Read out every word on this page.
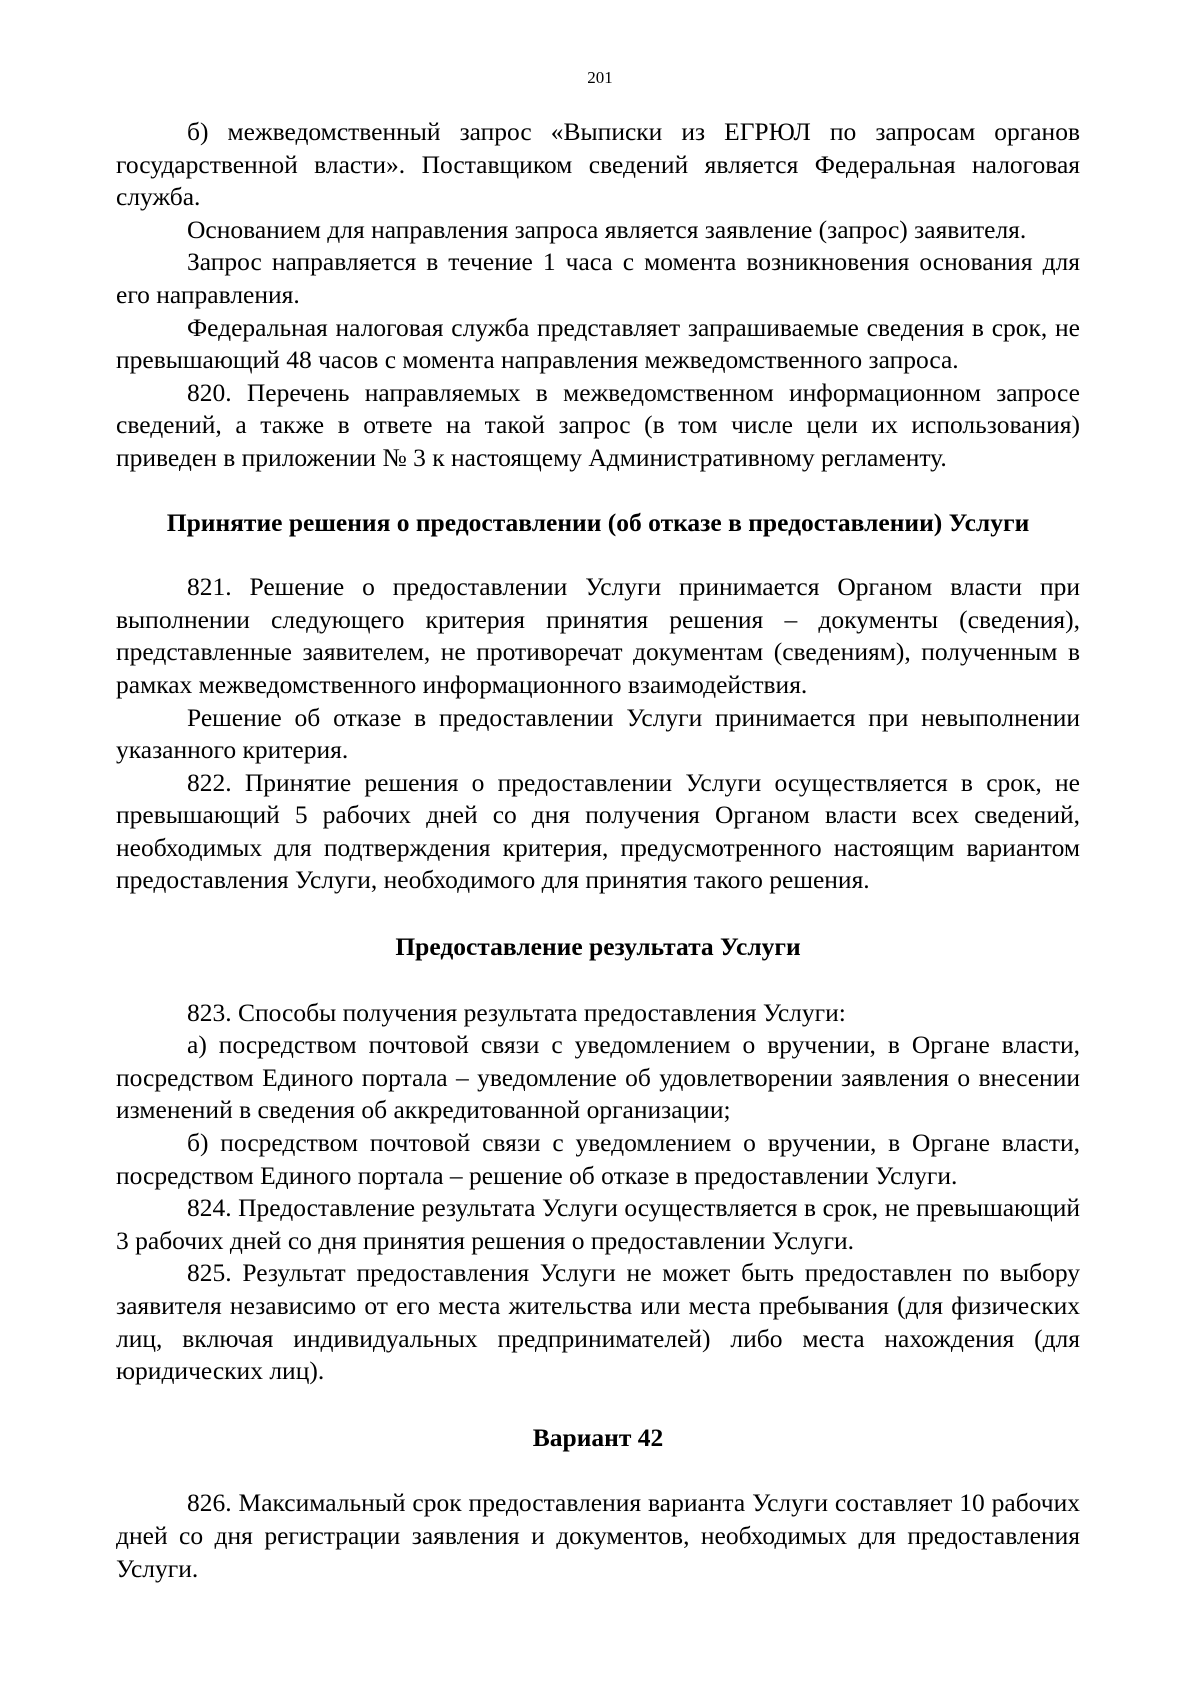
201

б) межведомственный запрос «Выписки из ЕГРЮЛ по запросам органов государственной власти». Поставщиком сведений является Федеральная налоговая служба.

Основанием для направления запроса является заявление (запрос) заявителя.

Запрос направляется в течение 1 часа с момента возникновения основания для его направления.

Федеральная налоговая служба представляет запрашиваемые сведения в срок, не превышающий 48 часов с момента направления межведомственного запроса.

820. Перечень направляемых в межведомственном информационном запросе сведений, а также в ответе на такой запрос (в том числе цели их использования) приведен в приложении № 3 к настоящему Административному регламенту.

Принятие решения о предоставлении (об отказе в предоставлении) Услуги

821. Решение о предоставлении Услуги принимается Органом власти при выполнении следующего критерия принятия решения – документы (сведения), представленные заявителем, не противоречат документам (сведениям), полученным в рамках межведомственного информационного взаимодействия.

Решение об отказе в предоставлении Услуги принимается при невыполнении указанного критерия.

822. Принятие решения о предоставлении Услуги осуществляется в срок, не превышающий 5 рабочих дней со дня получения Органом власти всех сведений, необходимых для подтверждения критерия, предусмотренного настоящим вариантом предоставления Услуги, необходимого для принятия такого решения.

Предоставление результата Услуги

823. Способы получения результата предоставления Услуги:

а) посредством почтовой связи с уведомлением о вручении, в Органе власти, посредством Единого портала – уведомление об удовлетворении заявления о внесении изменений в сведения об аккредитованной организации;

б) посредством почтовой связи с уведомлением о вручении, в Органе власти, посредством Единого портала – решение об отказе в предоставлении Услуги.

824. Предоставление результата Услуги осуществляется в срок, не превышающий 3 рабочих дней со дня принятия решения о предоставлении Услуги.

825. Результат предоставления Услуги не может быть предоставлен по выбору заявителя независимо от его места жительства или места пребывания (для физических лиц, включая индивидуальных предпринимателей) либо места нахождения (для юридических лиц).

Вариант 42

826. Максимальный срок предоставления варианта Услуги составляет 10 рабочих дней со дня регистрации заявления и документов, необходимых для предоставления Услуги.
